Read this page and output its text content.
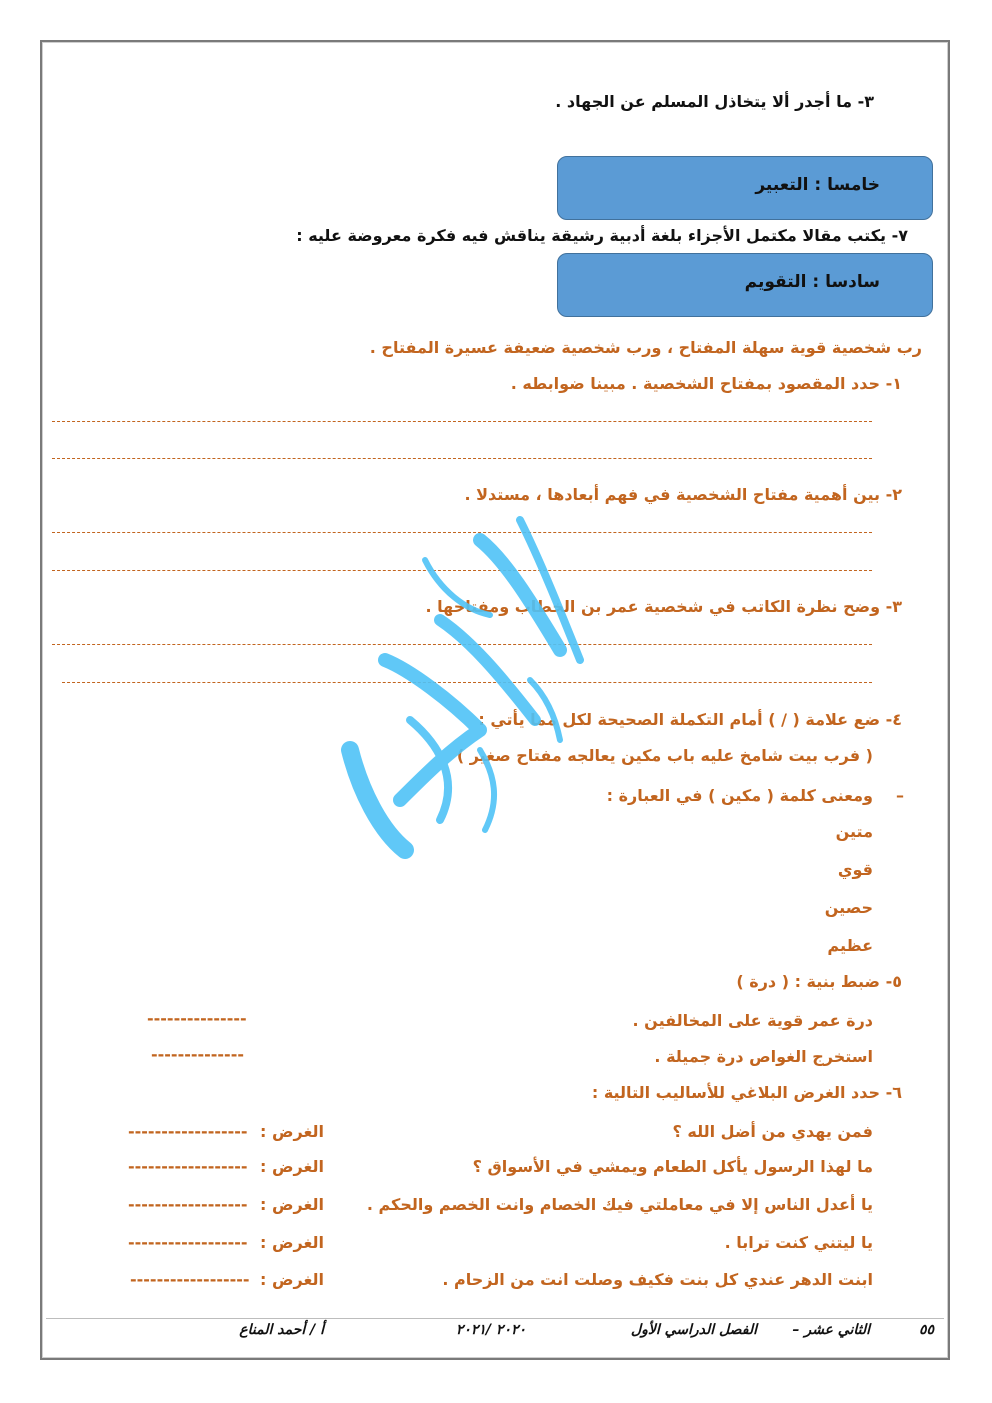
٣- ما أجدر ألا يتخاذل المسلم عن الجهاد .
خامسا : التعبير
٧- يكتب مقالا مكتمل الأجزاء بلغة أدبية رشيقة يناقش فيه فكرة معروضة عليه :
سادسا : التقويم
رب شخصية قوية سهلة المفتاح ، ورب شخصية ضعيفة عسيرة المفتاح .
١- حدد المقصود بمفتاح الشخصية . مبينا ضوابطه .
٢- بين أهمية مفتاح الشخصية في فهم أبعادها ، مستدلا .
٣- وضح نظرة الكاتب في شخصية عمر بن الخطاب ومفتاحها .
٤- ضع علامة ( / ) أمام التكملة الصحيحة لكل مما يأتي :
( فرب بيت شامخ عليه باب مكين يعالجه مفتاح صغير )
–
ومعنى كلمة ( مكين ) في العبارة :
متين
قوي
حصين
عظيم
٥- ضبط بنية : ( درة )
درة عمر قوية على المخالفين .
---------------
استخرج الغواص درة جميلة .
--------------
٦- حدد الغرض البلاغي للأساليب التالية :
فمن يهدي من أضل الله ؟
الغرض :
------------------
ما لهذا الرسول يأكل الطعام ويمشي في الأسواق ؟
الغرض :
------------------
يا أعدل الناس إلا في معاملتي فيك الخصام وانت الخصم والحكم .
الغرض :
------------------
يا ليتني كنت ترابا .
الغرض :
------------------
ابنت الدهر عندي كل بنت فكيف وصلت انت من الزحام .
الغرض :
------------------
٥٥
الثاني عشر –
الفصل الدراسي الأول
٢٠٢٠ /٢٠٢١
أ / أحمد المناع
